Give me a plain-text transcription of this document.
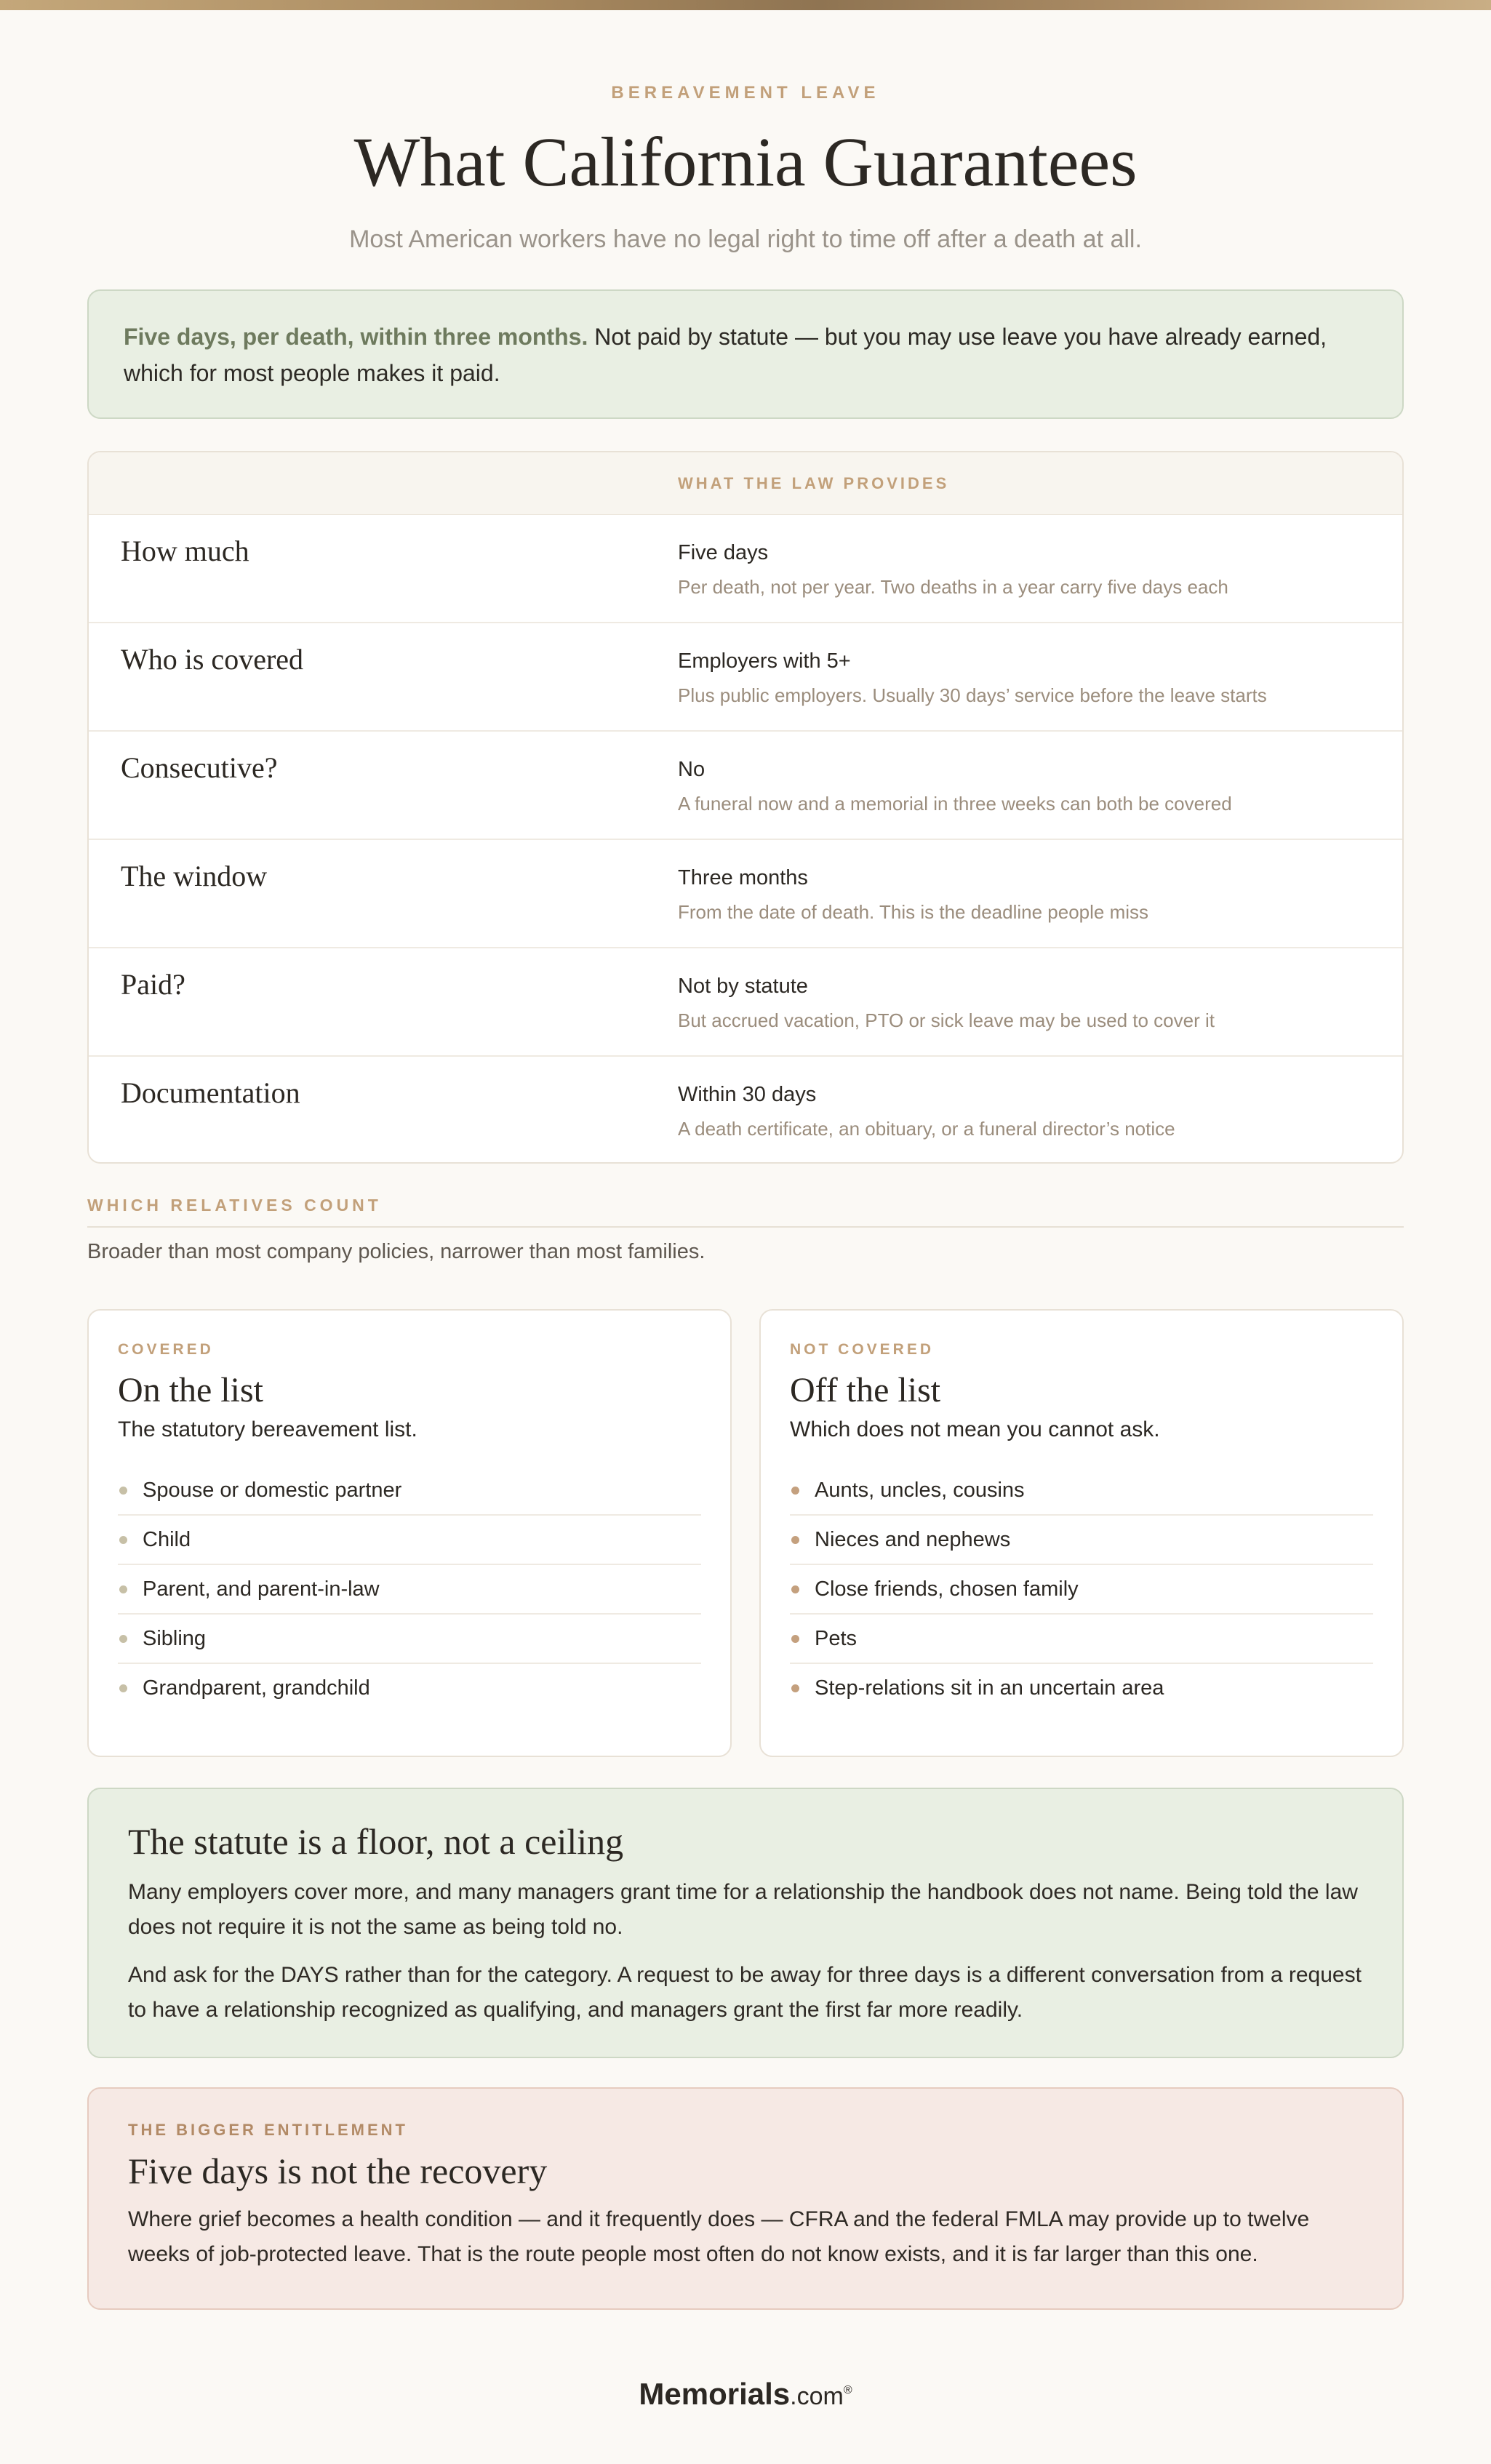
BEREAVEMENT LEAVE
What California Guarantees
Most American workers have no legal right to time off after a death at all.
Five days, per death, within three months. Not paid by statute — but you may use leave you have already earned, which for most people makes it paid.
WHAT THE LAW PROVIDES
How much	Five days
Per death, not per year. Two deaths in a year carry five days each
Who is covered	Employers with 5+
Plus public employers. Usually 30 days’ service before the leave starts
Consecutive?	No
A funeral now and a memorial in three weeks can both be covered
The window	Three months
From the date of death. This is the deadline people miss
Paid?	Not by statute
But accrued vacation, PTO or sick leave may be used to cover it
Documentation	Within 30 days
A death certificate, an obituary, or a funeral director’s notice
WHICH RELATIVES COUNT
Broader than most company policies, narrower than most families.
COVERED
On the list
The statutory bereavement list.
Spouse or domestic partner
Child
Parent, and parent-in-law
Sibling
Grandparent, grandchild
NOT COVERED
Off the list
Which does not mean you cannot ask.
Aunts, uncles, cousins
Nieces and nephews
Close friends, chosen family
Pets
Step-relations sit in an uncertain area
The statute is a floor, not a ceiling

Many employers cover more, and many managers grant time for a relationship the handbook does not name. Being told the law does not require it is not the same as being told no.

And ask for the DAYS rather than for the category. A request to be away for three days is a different conversation from a request to have a relationship recognized as qualifying, and managers grant the first far more readily.

THE BIGGER ENTITLEMENT
Five days is not the recovery

Where grief becomes a health condition — and it frequently does — CFRA and the federal FMLA may provide up to twelve weeks of job-protected leave. That is the route people most often do not know exists, and it is far larger than this one.

Memorials.com®
